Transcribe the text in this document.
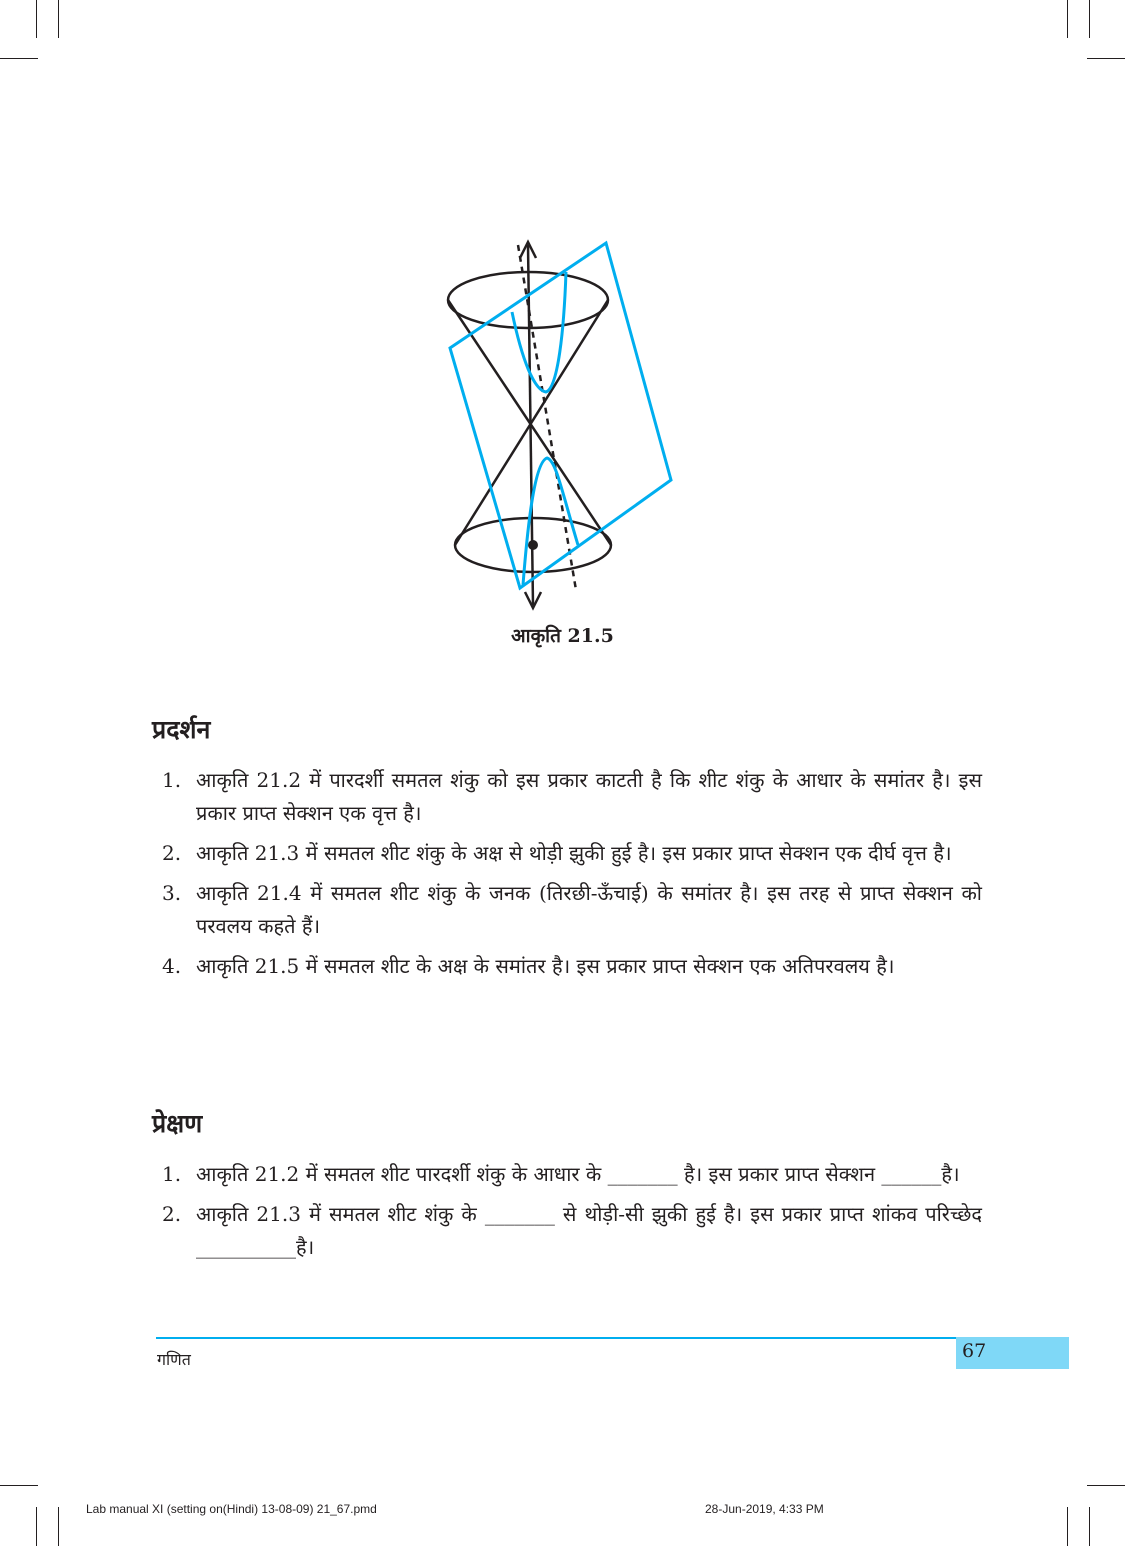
आकृति 21.5
प्रदर्शन
1. आकृति 21.2 में पारदर्शी समतल शंकु को इस प्रकार काटती है कि शीट शंकु के आधार के समांतर है। इस प्रकार प्राप्त सेक्शन एक वृत्त है।
2. आकृति 21.3 में समतल शीट शंकु के अक्ष से थोड़ी झुकी हुई है। इस प्रकार प्राप्त सेक्शन एक दीर्घ वृत्त है।
3. आकृति 21.4 में समतल शीट शंकु के जनक (तिरछी-ऊँचाई) के समांतर है। इस तरह से प्राप्त सेक्शन को परवलय कहते हैं।
4. आकृति 21.5 में समतल शीट के अक्ष के समांतर है। इस प्रकार प्राप्त सेक्शन एक अतिपरवलय है।
प्रेक्षण
1. आकृति 21.2 में समतल शीट पारदर्शी शंकु के आधार के _______ है। इस प्रकार प्राप्त सेक्शन ______है।
2. आकृति 21.3 में समतल शीट शंकु के _______ से थोड़ी-सी झुकी हुई है। इस प्रकार प्राप्त शांकव परिच्छेद __________है।
67
गणित
Lab manual XI (setting on(Hindi) 13-08-09) 21_67.pmd	28-Jun-2019, 4:33 PM
